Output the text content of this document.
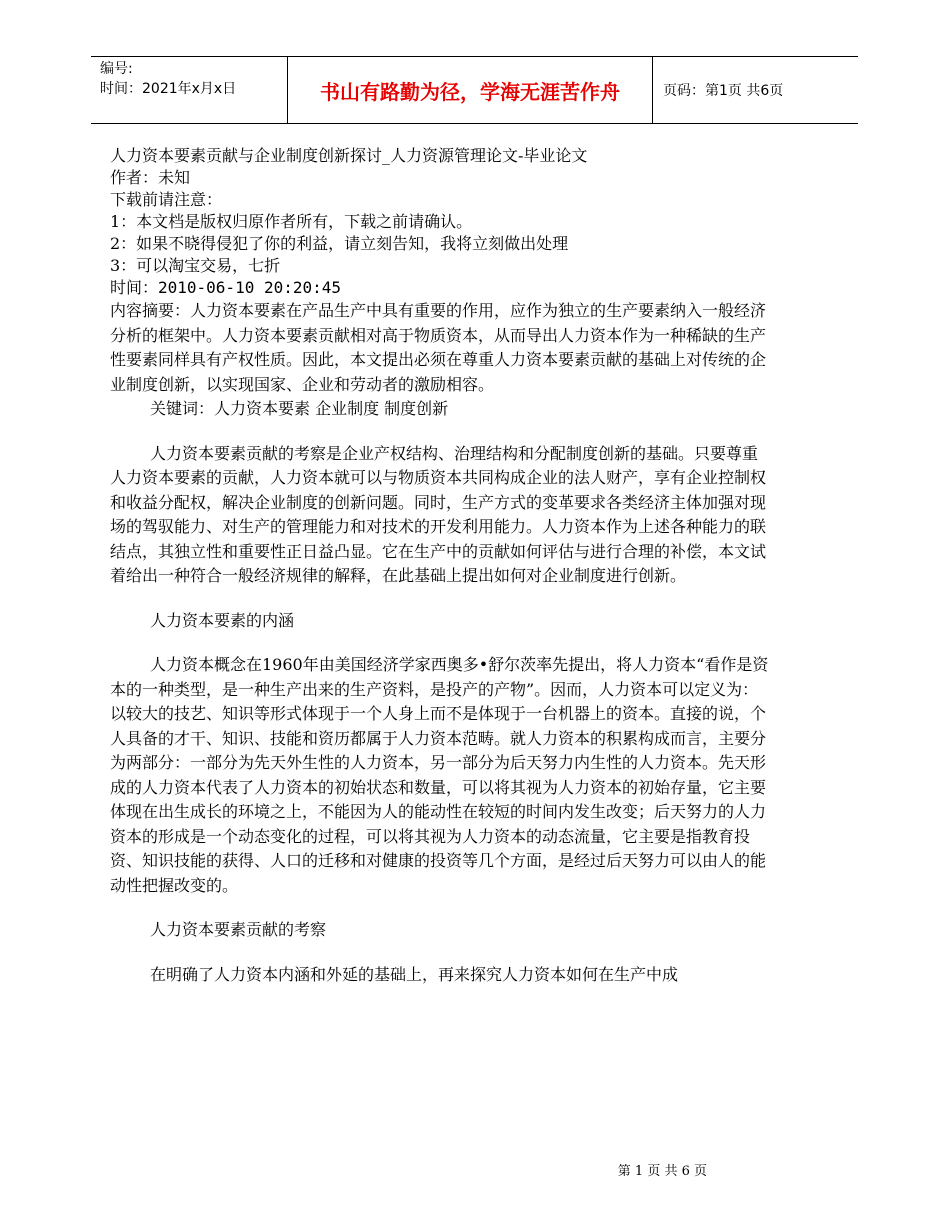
编号:
时间：2021年x月x日	书山有路勤为径，学海无涯苦作舟	页码：第1页 共6页
人力资本要素贡献与企业制度创新探讨_人力资源管理论文-毕业论文
作者：未知
下载前请注意：
1：本文档是版权归原作者所有，下载之前请确认。
2：如果不晓得侵犯了你的利益，请立刻告知，我将立刻做出处理
3：可以淘宝交易，七折
时间：2010-06-10 20:20:45
内容摘要：人力资本要素在产品生产中具有重要的作用，应作为独立的生产要素纳入一般经济分析的框架中。人力资本要素贡献相对高于物质资本，从而导出人力资本作为一种稀缺的生产性要素同样具有产权性质。因此，本文提出必须在尊重人力资本要素贡献的基础上对传统的企业制度创新，以实现国家、企业和劳动者的激励相容。
关键词：人力资本要素 企业制度 制度创新
人力资本要素贡献的考察是企业产权结构、治理结构和分配制度创新的基础。只要尊重人力资本要素的贡献，人力资本就可以与物质资本共同构成企业的法人财产，享有企业控制权和收益分配权，解决企业制度的创新问题。同时，生产方式的变革要求各类经济主体加强对现场的驾驭能力、对生产的管理能力和对技术的开发利用能力。人力资本作为上述各种能力的联结点，其独立性和重要性正日益凸显。它在生产中的贡献如何评估与进行合理的补偿，本文试着给出一种符合一般经济规律的解释，在此基础上提出如何对企业制度进行创新。
人力资本要素的内涵
人力资本概念在1960年由美国经济学家西奥多•舒尔茨率先提出，将人力资本“看作是资本的一种类型，是一种生产出来的生产资料，是投产的产物”。因而，人力资本可以定义为：以较大的技艺、知识等形式体现于一个人身上而不是体现于一台机器上的资本。直接的说，个人具备的才干、知识、技能和资历都属于人力资本范畴。就人力资本的积累构成而言，主要分为两部分：一部分为先天外生性的人力资本，另一部分为后天努力内生性的人力资本。先天形成的人力资本代表了人力资本的初始状态和数量，可以将其视为人力资本的初始存量，它主要体现在出生成长的环境之上，不能因为人的能动性在较短的时间内发生改变；后天努力的人力资本的形成是一个动态变化的过程，可以将其视为人力资本的动态流量，它主要是指教育投资、知识技能的获得、人口的迁移和对健康的投资等几个方面，是经过后天努力可以由人的能动性把握改变的。
人力资本要素贡献的考察
在明确了人力资本内涵和外延的基础上，再来探究人力资本如何在生产中成
第 1 页 共 6 页
